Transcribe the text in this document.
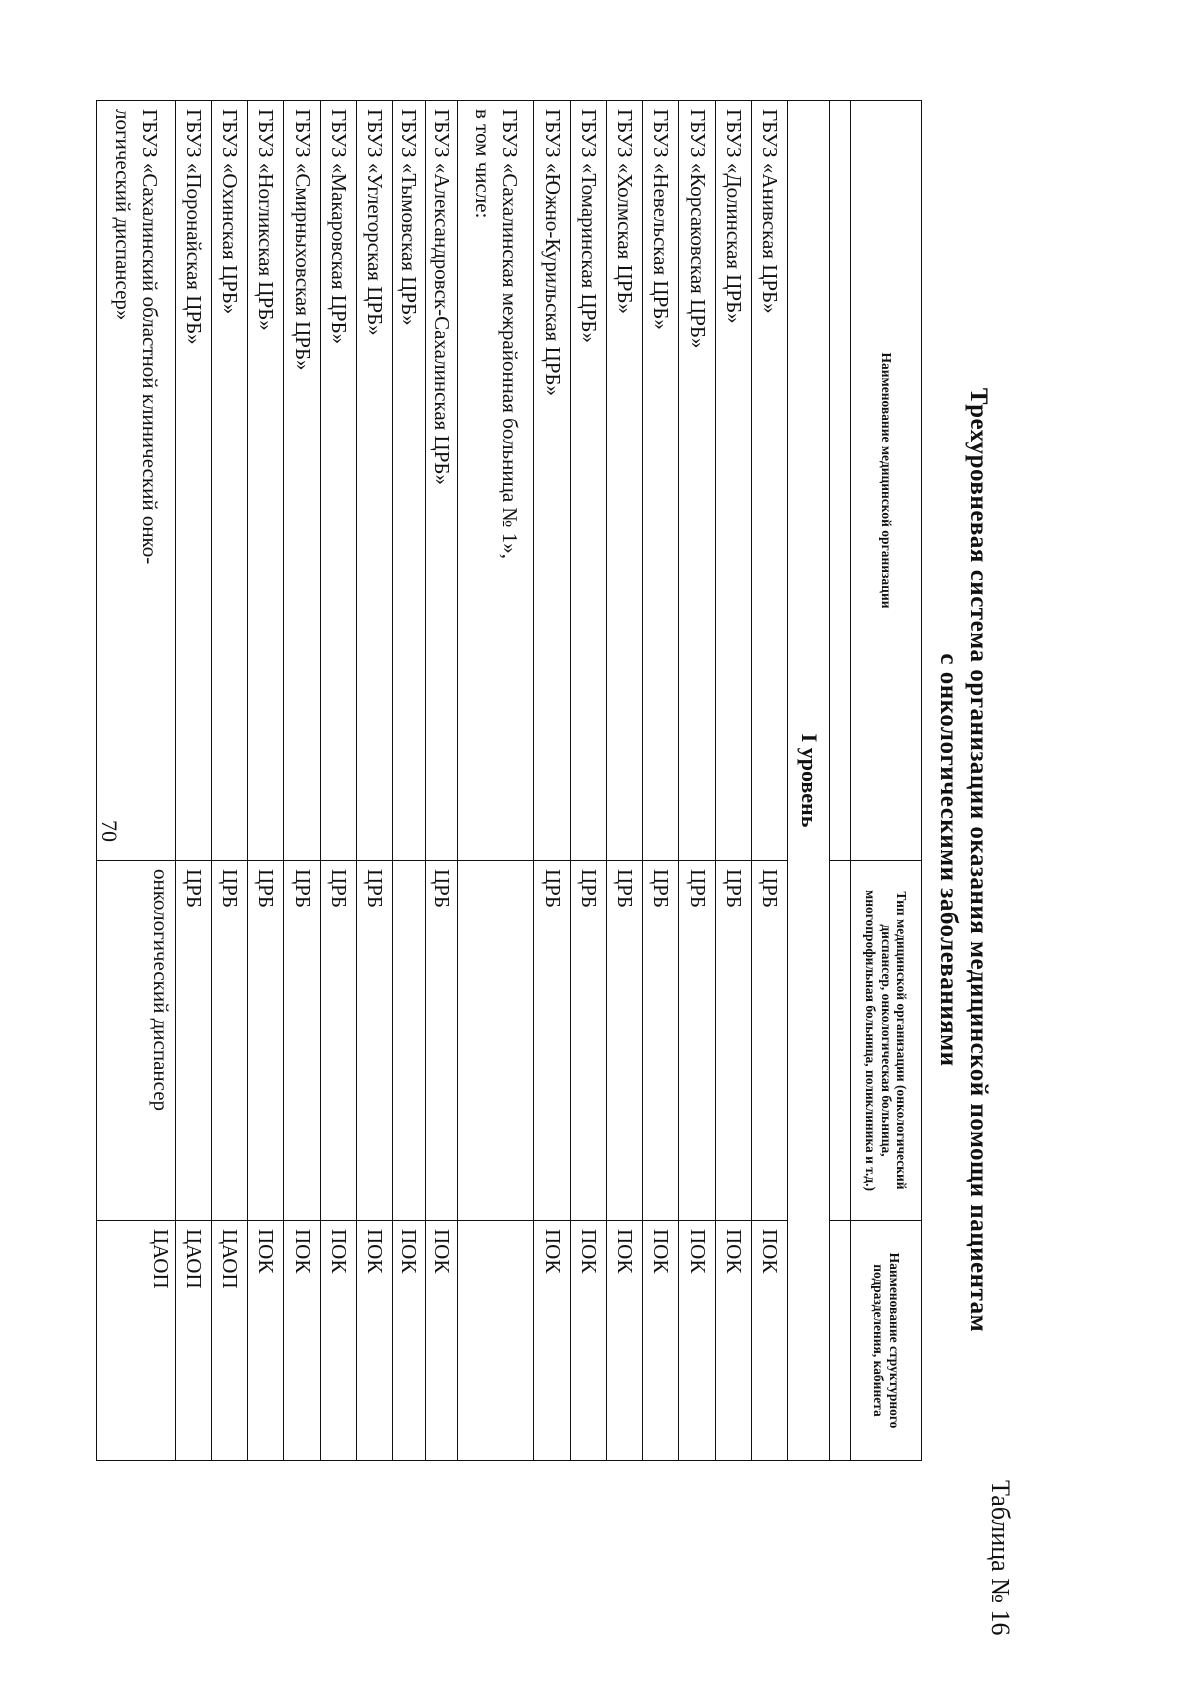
70
Таблица № 16
Трехуровневая система организации оказания медицинской помощи пациентам
с онкологическими заболеваниями
Наименование медицинской организации	Тип медицинской организации (онкологический диспансер, онкологическая больница, многопрофильная больница, поликлиника и т.д.)	Наименование структурного подразделения, кабинета

I уровень		
ГБУЗ «Анивская ЦРБ»	ЦРБ	ПОК
ГБУЗ «Долинская ЦРБ»	ЦРБ	ПОК
ГБУЗ «Корсаковская ЦРБ»	ЦРБ	ПОК
ГБУЗ «Невельская ЦРБ»	ЦРБ	ПОК
ГБУЗ «Холмская ЦРБ»	ЦРБ	ПОК
ГБУЗ «Томаринская ЦРБ»	ЦРБ	ПОК
ГБУЗ «Южно-Курильская ЦРБ»	ЦРБ	ПОК

ГБУЗ «Сахалинская межрайонная больница № 1»,
в том числе:		

ГБУЗ «Александровск-Сахалинская ЦРБ»	ЦРБ	ПОК
ГБУЗ «Тымовская ЦРБ»		ПОК
ГБУЗ «Углегорская ЦРБ»	ЦРБ	ПОК
ГБУЗ «Макаровская ЦРБ»	ЦРБ	ПОК
ГБУЗ «Смирныховская ЦРБ»	ЦРБ	ПОК
ГБУЗ «Ногликская ЦРБ»	ЦРБ	ПОК
ГБУЗ «Охинская ЦРБ»	ЦРБ	ЦАОП
ГБУЗ «Поронайская ЦРБ»	ЦРБ	ЦАОП

ГБУЗ «Сахалинский областной клинический онко-
логический диспансер»	онкологический диспансер	ЦАОП
